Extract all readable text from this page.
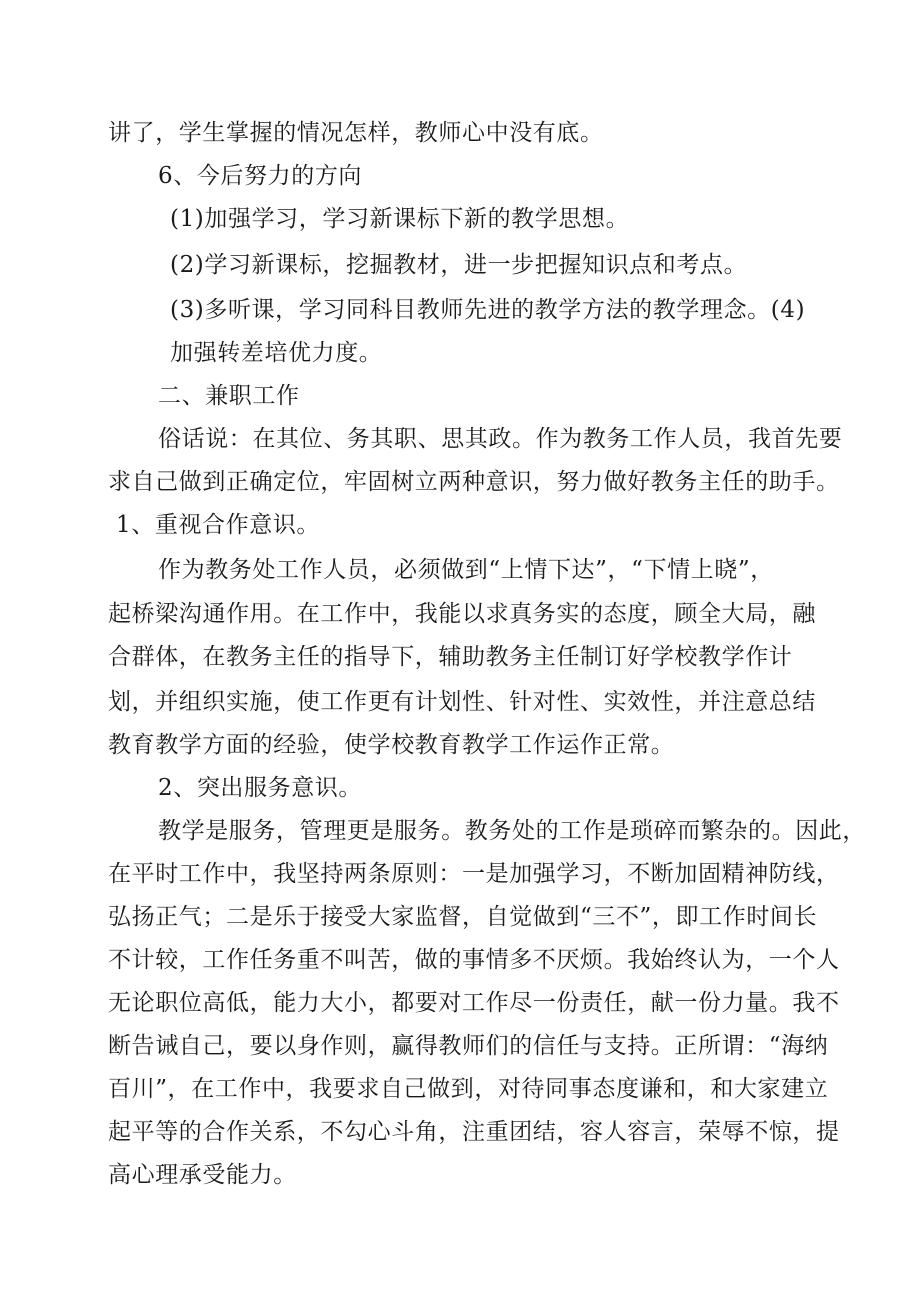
讲了，学生掌握的情况怎样，教师心中没有底。
6、今后努力的方向
(1)加强学习，学习新课标下新的教学思想。
(2)学习新课标，挖掘教材，进一步把握知识点和考点。
(3)多听课，学习同科目教师先进的教学方法的教学理念。(4)
加强转差培优力度。
二、兼职工作
俗话说：在其位、务其职、思其政。作为教务工作人员，我首先要
求自己做到正确定位，牢固树立两种意识，努力做好教务主任的助手。
1、重视合作意识。
作为教务处工作人员，必须做到“上情下达”，“下情上晓”，
起桥梁沟通作用。在工作中，我能以求真务实的态度，顾全大局，融
合群体，在教务主任的指导下，辅助教务主任制订好学校教学作计
划，并组织实施，使工作更有计划性、针对性、实效性，并注意总结
教育教学方面的经验，使学校教育教学工作运作正常。
2、突出服务意识。
教学是服务，管理更是服务。教务处的工作是琐碎而繁杂的。因此，
在平时工作中，我坚持两条原则：一是加强学习，不断加固精神防线，
弘扬正气；二是乐于接受大家监督，自觉做到“三不”，即工作时间长
不计较，工作任务重不叫苦，做的事情多不厌烦。我始终认为，一个人
无论职位高低，能力大小，都要对工作尽一份责任，献一份力量。我不
断告诫自己，要以身作则，赢得教师们的信任与支持。正所谓：“海纳
百川”，在工作中，我要求自己做到，对待同事态度谦和，和大家建立
起平等的合作关系，不勾心斗角，注重团结，容人容言，荣辱不惊，提
高心理承受能力。
